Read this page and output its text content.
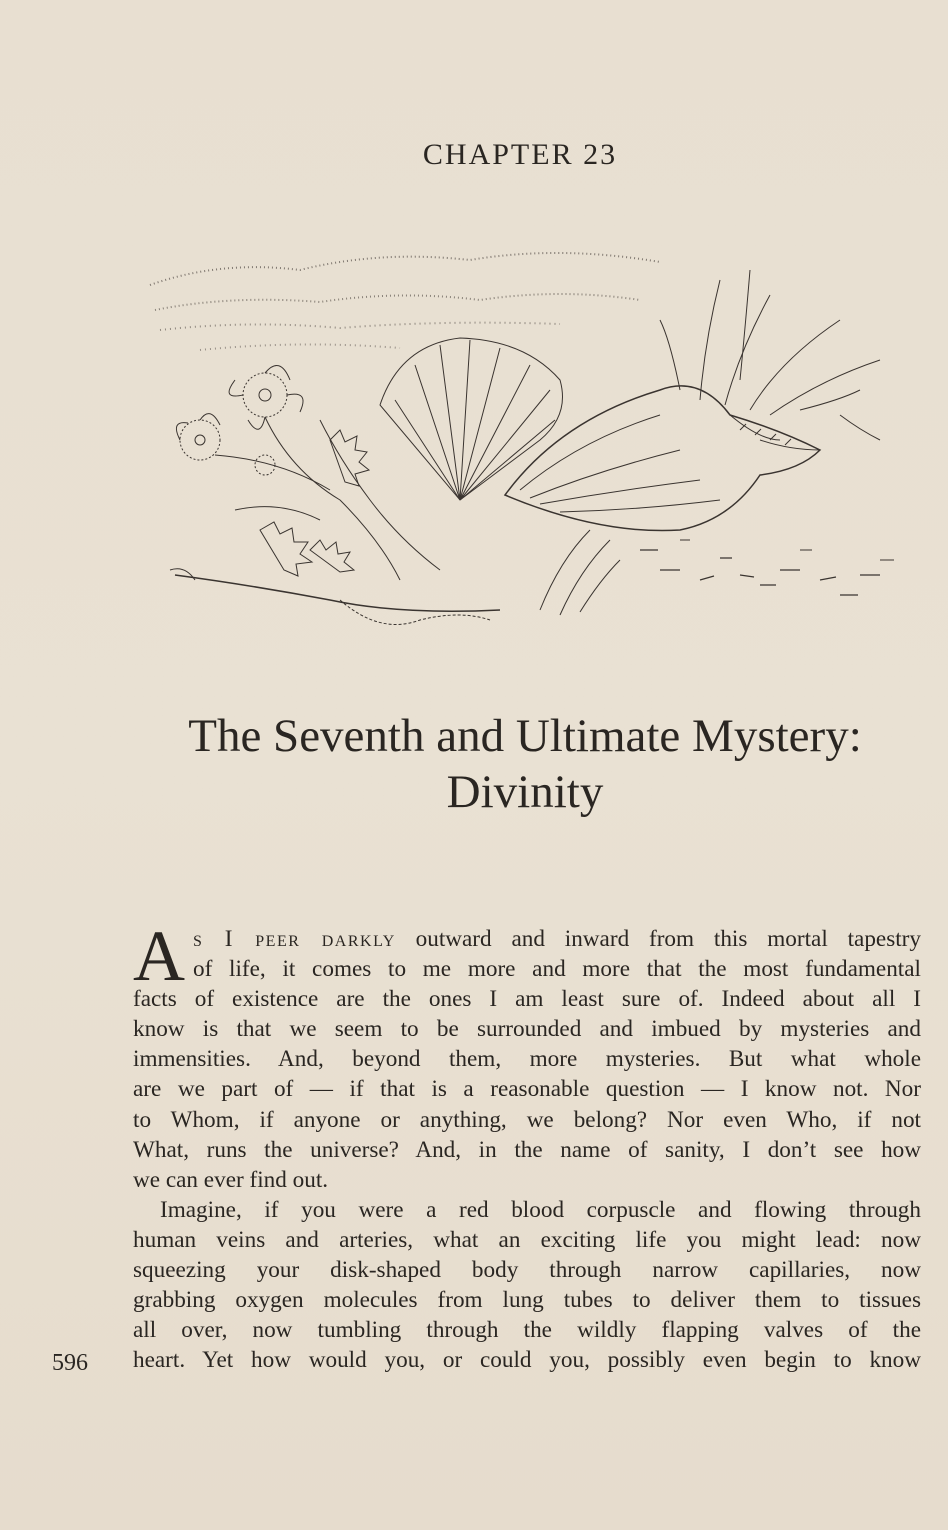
CHAPTER 23
The Seventh and Ultimate Mystery:
Divinity
A s I peer darkly outward and inward from this mortal tapestry
of life, it comes to me more and more that the most fundamental
facts of existence are the ones I am least sure of. Indeed about all I
know is that we seem to be surrounded and imbued by mysteries and
immensities. And, beyond them, more mysteries. But what whole
are we part of — if that is a reasonable question — I know not. Nor
to Whom, if anyone or anything, we belong? Nor even Who, if not
What, runs the universe? And, in the name of sanity, I don’t see how
we can ever find out.
Imagine, if you were a red blood corpuscle and flowing through
human veins and arteries, what an exciting life you might lead: now
squeezing your disk-shaped body through narrow capillaries, now
grabbing oxygen molecules from lung tubes to deliver them to tissues
all over, now tumbling through the wildly flapping valves of the
heart. Yet how would you, or could you, possibly even begin to know
596
